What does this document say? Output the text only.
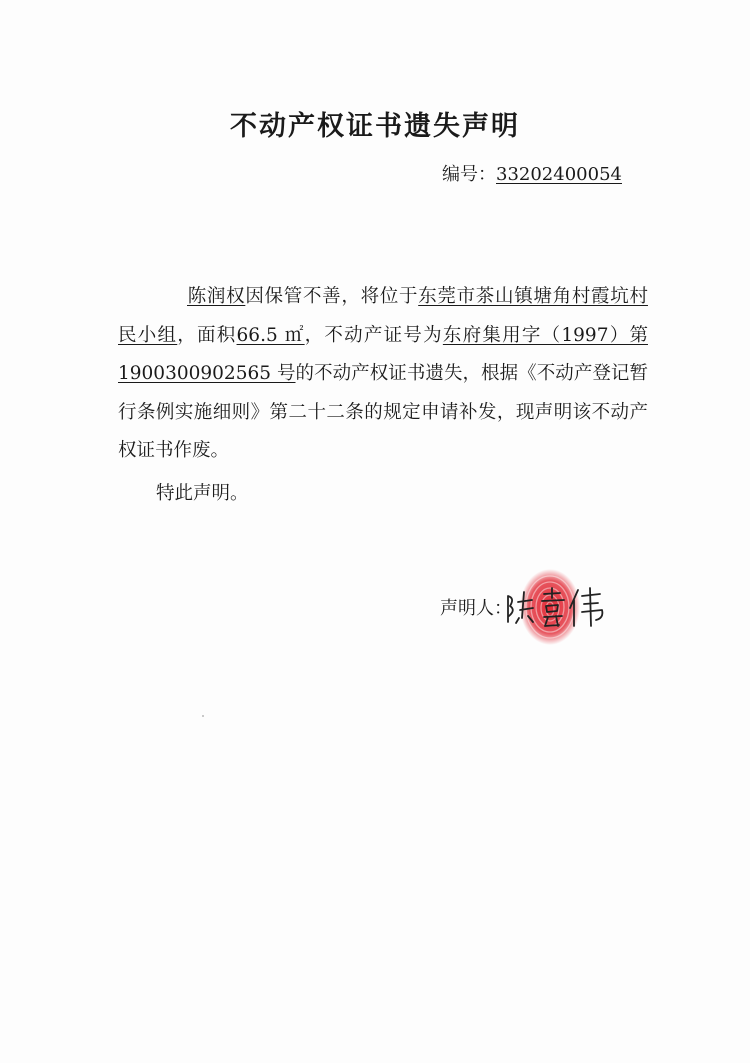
不动产权证书遗失声明
编号：33202400054
陈润权因保管不善，将位于东莞市茶山镇塘角村霞坑村民小组，面积66.5 ㎡，不动产证号为东府集用字（1997）第 1900300902565 号的不动产权证书遗失，根据《不动产登记暂行条例实施细则》第二十二条的规定申请补发，现声明该不动产权证书作废。
特此声明。
声明人：
2024 年 5 月 31 日
